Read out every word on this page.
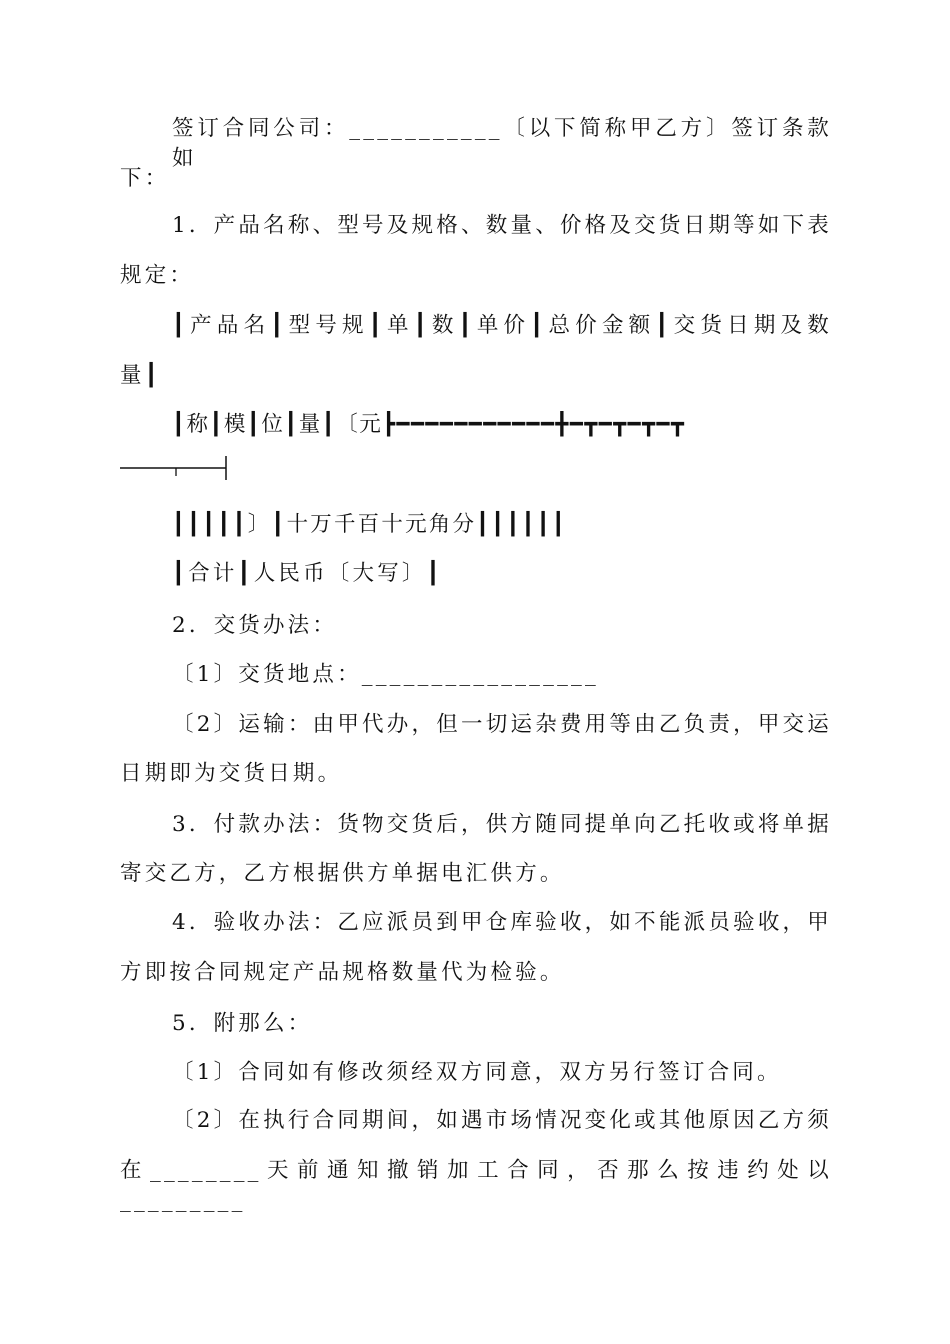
签订合同公司：___________〔以下简称甲乙方〕签订条款如
下：
1．产品名称、型号及规格、数量、价格及交货日期等如下表
规定：
┃产品名┃型号规┃单┃数┃单价┃总价金额┃交货日期及数
量┃
┃称┃模┃位┃量┃〔元┣━━━━━━━━━━━╋━┳━┳━┳━┳
┃┃┃┃┃〕┃十万千百十元角分┃┃┃┃┃┃
┃合计┃人民币〔大写〕┃
2．交货办法：
〔1〕交货地点：_________________
〔2〕运输：由甲代办，但一切运杂费用等由乙负责，甲交运
日期即为交货日期。
3．付款办法：货物交货后，供方随同提单向乙托收或将单据
寄交乙方，乙方根据供方单据电汇供方。
4．验收办法：乙应派员到甲仓库验收，如不能派员验收，甲
方即按合同规定产品规格数量代为检验。
5．附那么：
〔1〕合同如有修改须经双方同意，双方另行签订合同。
〔2〕在执行合同期间，如遇市场情况变化或其他原因乙方须
在________天前通知撤销加工合同，否那么按违约处以_________
